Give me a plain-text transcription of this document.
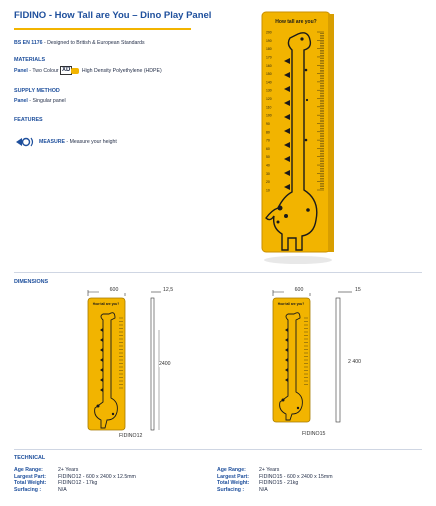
FIDINO - How Tall are You – Dino Play Panel
BS EN 1176 - Designed to British & European Standards
MATERIALS
Panel - Two Colour XD High Density Polyethylene (HDPE)
SUPPLY METHOD
Panel - Singular panel
FEATURES
MEASURE - Measure your height
200
190
180
170
160
150
140
130
120
110
100
90
80
70
60
50
40
30
20
10
How tall are you?
DIMENSIONS
How tall are you?
600	12,5
2400
FIDINO12
How tall are you?
600	15
2 400
FIDINO15
TECHNICAL
Age Range:
Largest Part:
Total Weight:
Surfacing :
2+ Years
FIDINO12 - 600 x 2400 x 12.5mm
FIDINO12 - 17kg
N/A
Age Range:
Largest Part:
Total Weight:
Surfacing :
2+ Years
FIDINO15 - 600 x 2400 x 15mm
FIDINO15 - 21kg
N/A
